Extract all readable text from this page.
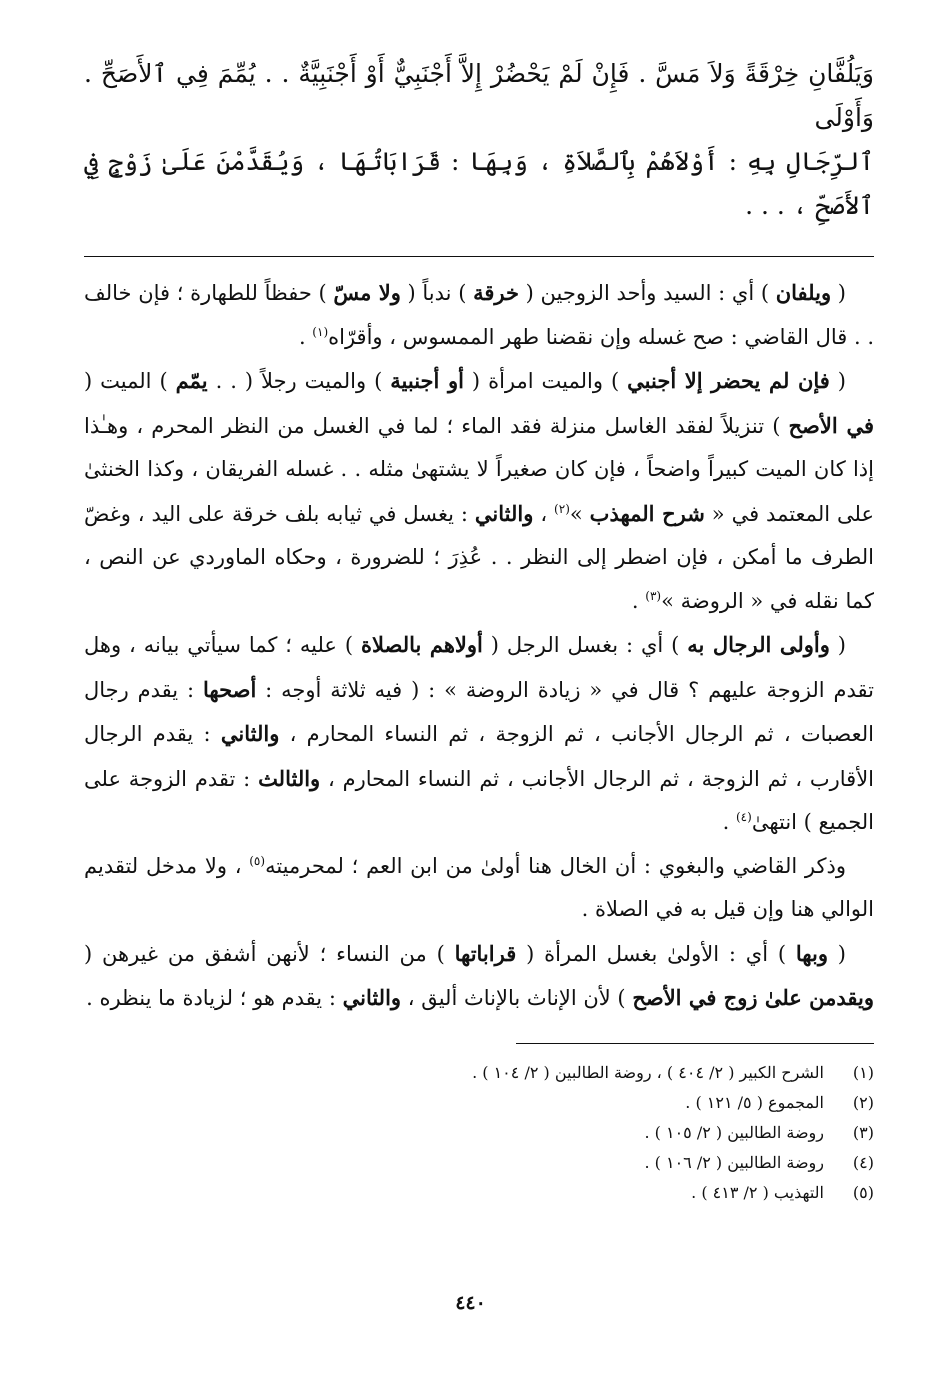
وَيَلُفَّانِ خِرْقَةً وَلاَ مَسَّ . فَإِنْ لَمْ يَحْضُرْ إِلاَّ أَجْنَبِيٌّ أَوْ أَجْنَبِيَّةٌ . . يُمِّمَ فِي ٱلأَصَحِّ . وَأَوْلَى

ٱلرِّجَالِ بِهِ : أَوْلاَهُمْ بِٱلصَّلاَةِ ، وَبِهَا : قَرَابَاتُهَا ، وَيُقَدَّمْنَ عَلَىٰ زَوْجٍ فِي ٱلأَصَحِّ ، . . .

( ويلفان ) أي : السيد وأحد الزوجين ( خرقة ) ندباً ( ولا مسّ ) حفظاً للطهارة ؛ فإن خالف . . قال القاضي : صح غسله وإن نقضنا طهر الممسوس ، وأقرّاه$^{(١)}$ .

( فإن لم يحضر إلا أجنبي ) والميت امرأة ( أو أجنبية ) والميت رجلاً ( . . يمّم ) الميت ( في الأصح ) تنزيلاً لفقد الغاسل منزلة فقد الماء ؛ لما في الغسل من النظر المحرم ، وهـٰذا إذا كان الميت كبيراً واضحاً ، فإن كان صغيراً لا يشتهىٰ مثله . . غسله الفريقان ، وكذا الخنثىٰ على المعتمد في « شرح المهذب »$^{(٢)}$ ، والثاني : يغسل في ثيابه بلف خرقة على اليد ، وغضّ الطرف ما أمكن ، فإن اضطر إلى النظر . . عُذِرَ ؛ للضرورة ، وحكاه الماوردي عن النص ، كما نقله في « الروضة »$^{(٣)}$ .

( وأولى الرجال به ) أي : بغسل الرجل ( أولاهم بالصلاة ) عليه ؛ كما سيأتي بيانه ، وهل تقدم الزوجة عليهم ؟ قال في « زيادة الروضة » : ( فيه ثلاثة أوجه : أصحها : يقدم رجال العصبات ، ثم الرجال الأجانب ، ثم الزوجة ، ثم النساء المحارم ، والثاني : يقدم الرجال الأقارب ، ثم الزوجة ، ثم الرجال الأجانب ، ثم النساء المحارم ، والثالث : تقدم الزوجة على الجميع ) انتهىٰ$^{(٤)}$ .

وذكر القاضي والبغوي : أن الخال هنا أولىٰ من ابن العم ؛ لمحرميته$^{(٥)}$ ، ولا مدخل لتقديم الوالي هنا وإن قيل به في الصلاة .

( وبها ) أي : الأولىٰ بغسل المرأة ( قراباتها ) من النساء ؛ لأنهن أشفق من غيرهن ( ويقدمن علىٰ زوج في الأصح ) لأن الإناث بالإناث أليق ، والثاني : يقدم هو ؛ لزيادة ما ينظره .

(١)
الشرح الكبير ( ٢/ ٤٠٤ ) ، روضة الطالبين ( ٢/ ١٠٤ ) .
(٢)
المجموع ( ٥/ ١٢١ ) .
(٣)
روضة الطالبين ( ٢/ ١٠٥ ) .
(٤)
روضة الطالبين ( ٢/ ١٠٦ ) .
(٥)
التهذيب ( ٢/ ٤١٣ ) .
٤٤٠
